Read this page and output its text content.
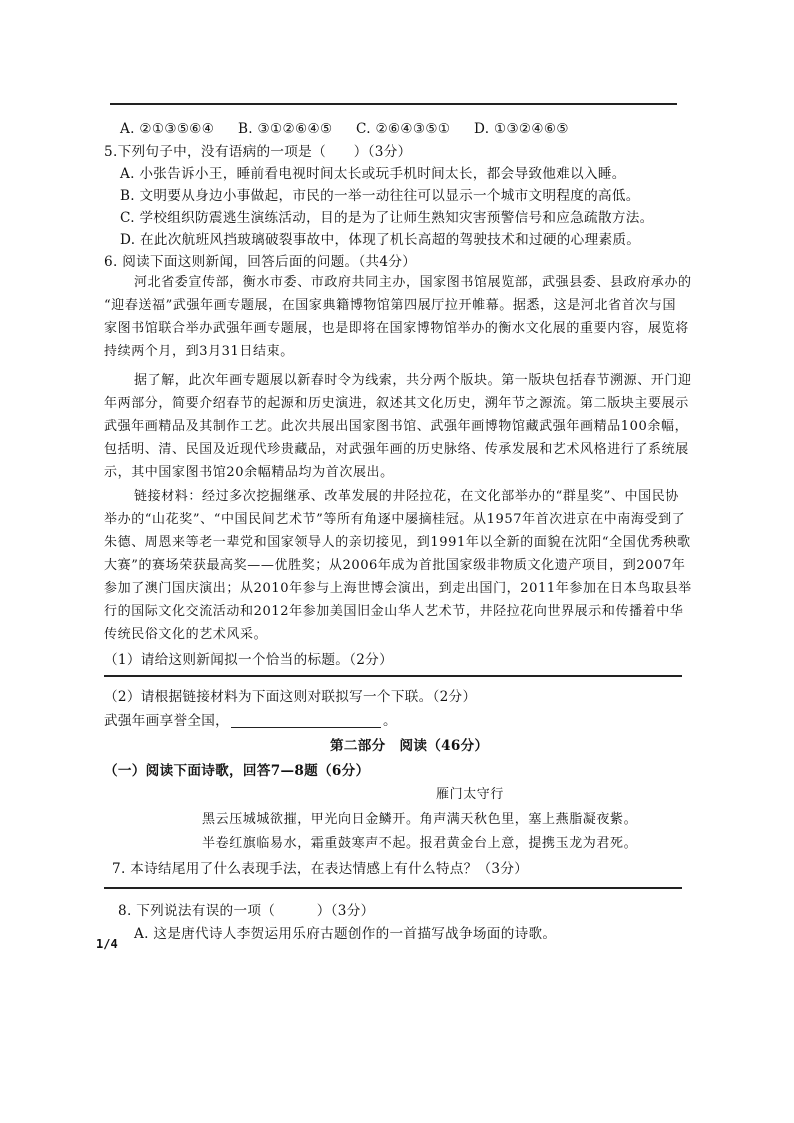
A. ②①③⑤⑥④ B. ③①②⑥④⑤ C. ②⑥④③⑤① D. ①③②④⑥⑤
5.下列句子中，没有语病的一项是（　　）（3分）
A. 小张告诉小王，睡前看电视时间太长或玩手机时间太长，都会导致他难以入睡。
B. 文明要从身边小事做起，市民的一举一动往往可以显示一个城市文明程度的高低。
C. 学校组织防震逃生演练活动，目的是为了让师生熟知灾害预警信号和应急疏散方法。
D. 在此次航班风挡玻璃破裂事故中，体现了机长高超的驾驶技术和过硬的心理素质。
6. 阅读下面这则新闻，回答后面的问题。（共4分）
河北省委宣传部，衡水市委、市政府共同主办，国家图书馆展览部，武强县委、县政府承办的
“迎春送福”武强年画专题展，在国家典籍博物馆第四展厅拉开帷幕。据悉，这是河北省首次与国
家图书馆联合举办武强年画专题展，也是即将在国家博物馆举办的衡水文化展的重要内容，展览将
持续两个月，到3月31日结束。
据了解，此次年画专题展以新春时令为线索，共分两个版块。第一版块包括春节溯源、开门迎
年两部分，简要介绍春节的起源和历史演进，叙述其文化历史，溯年节之源流。第二版块主要展示
武强年画精品及其制作工艺。此次共展出国家图书馆、武强年画博物馆藏武强年画精品100余幅，
包括明、清、民国及近现代珍贵藏品，对武强年画的历史脉络、传承发展和艺术风格进行了系统展
示，其中国家图书馆20余幅精品均为首次展出。
链接材料：经过多次挖掘继承、改革发展的井陉拉花，在文化部举办的“群星奖”、中国民协
举办的“山花奖”、“中国民间艺术节”等所有角逐中屡摘桂冠。从1957年首次进京在中南海受到了
朱德、周恩来等老一辈党和国家领导人的亲切接见，到1991年以全新的面貌在沈阳“全国优秀秧歌
大赛”的赛场荣获最高奖——优胜奖；从2006年成为首批国家级非物质文化遗产项目，到2007年
参加了澳门国庆演出；从2010年参与上海世博会演出，到走出国门，2011年参加在日本鸟取县举
行的国际文化交流活动和2012年参加美国旧金山华人艺术节，井陉拉花向世界展示和传播着中华
传统民俗文化的艺术风采。
（1）请给这则新闻拟一个恰当的标题。（2分）
（2）请根据链接材料为下面这则对联拟写一个下联。（2分）
武强年画享誉全国，	。
第二部分　阅读（46分）
（一）阅读下面诗歌，回答7—8题（6分）
雁门太守行
黑云压城城欲摧，甲光向日金鳞开。角声满天秋色里，塞上燕脂凝夜紫。
半卷红旗临易水，霜重鼓寒声不起。报君黄金台上意，提携玉龙为君死。
7. 本诗结尾用了什么表现手法，在表达情感上有什么特点？（3分）
8. 下列说法有误的一项（　　　）（3分）
A. 这是唐代诗人李贺运用乐府古题创作的一首描写战争场面的诗歌。
1/4
